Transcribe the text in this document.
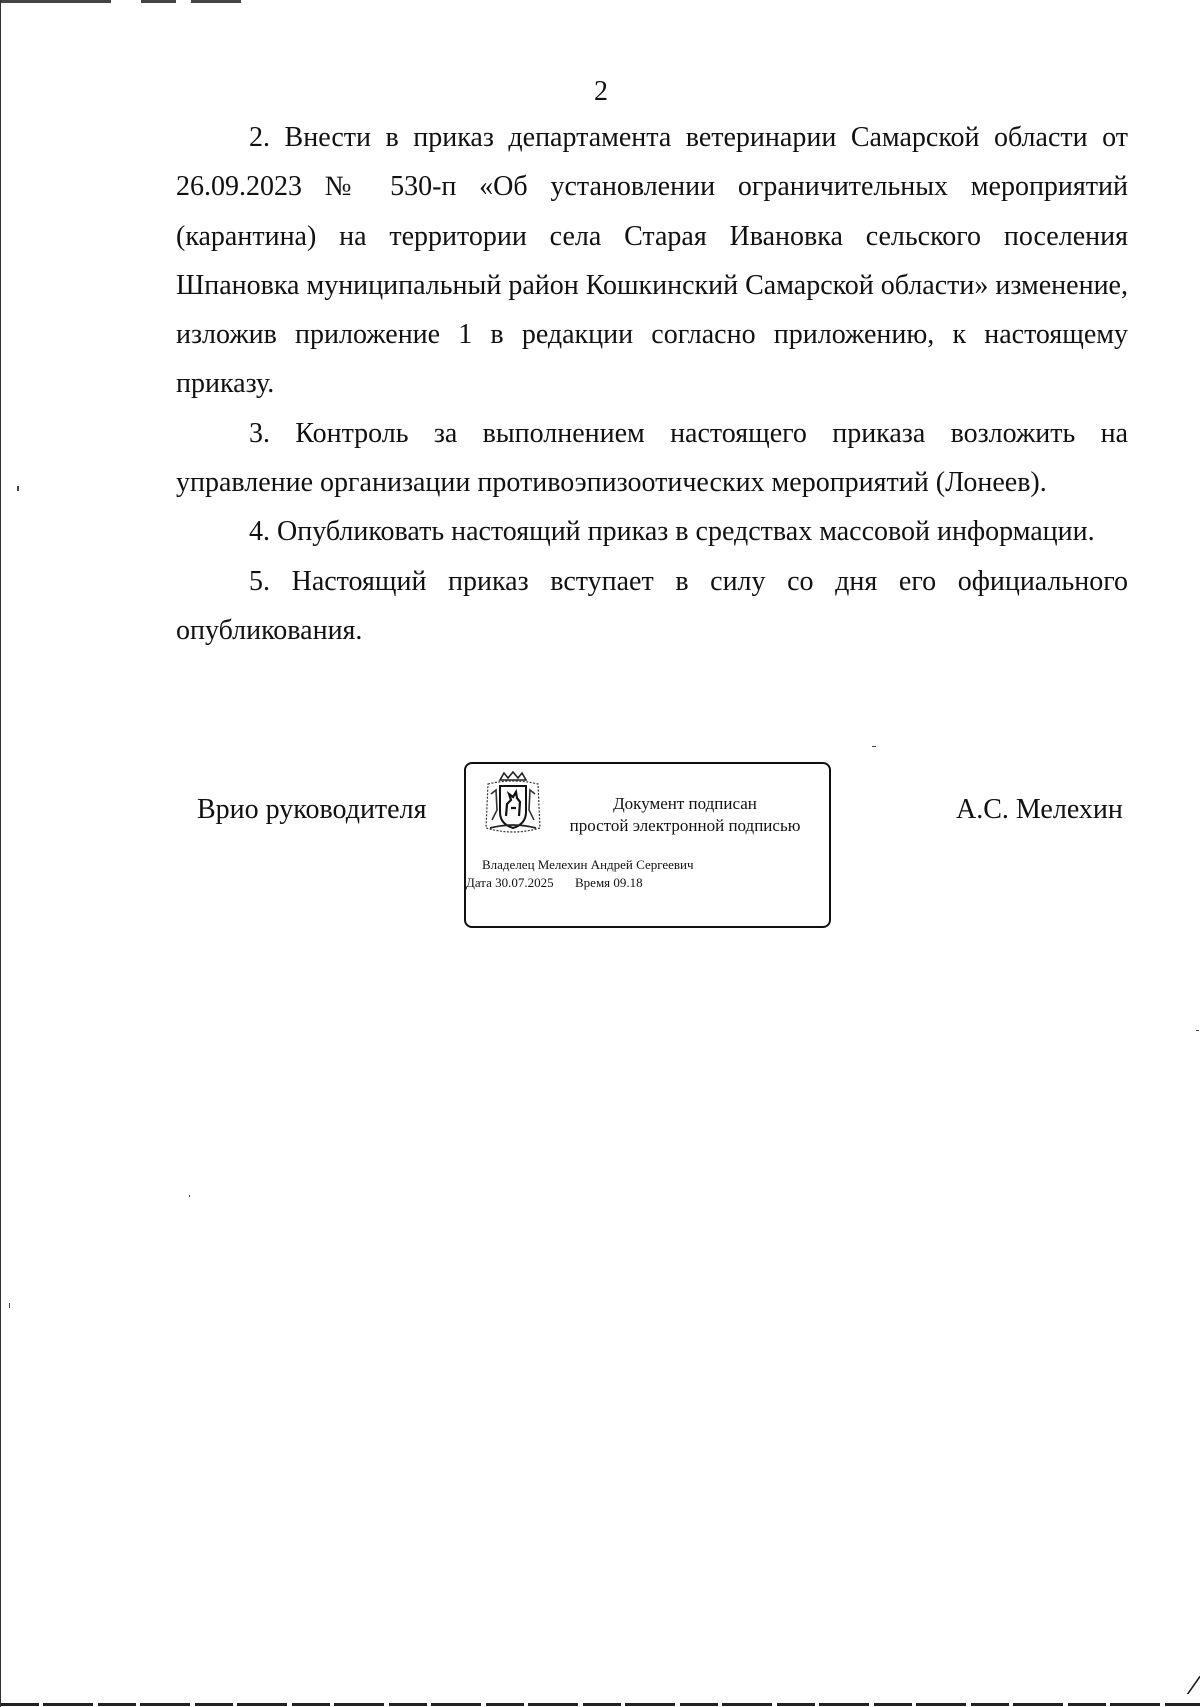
2

2. Внести в приказ департамента ветеринарии Самарской области от 26.09.2023 № 530-п «Об установлении ограничительных мероприятий (карантина) на территории села Старая Ивановка сельского поселения Шпановка муниципальный район Кошкинский Самарской области» изменение, изложив приложение 1 в редакции согласно приложению, к настоящему приказу.

3. Контроль за выполнением настоящего приказа возложить на управление организации противоэпизоотических мероприятий (Лонеев).

4. Опубликовать настоящий приказ в средствах массовой информации.

5. Настоящий приказ вступает в силу со дня его официального опубликования.

Врио руководителя	Документ подписан
простой электронной подписью
Владелец Мелехин Андрей Сергеевич
Дата 30.07.2025 Время 09.18
А.С. Мелехин
